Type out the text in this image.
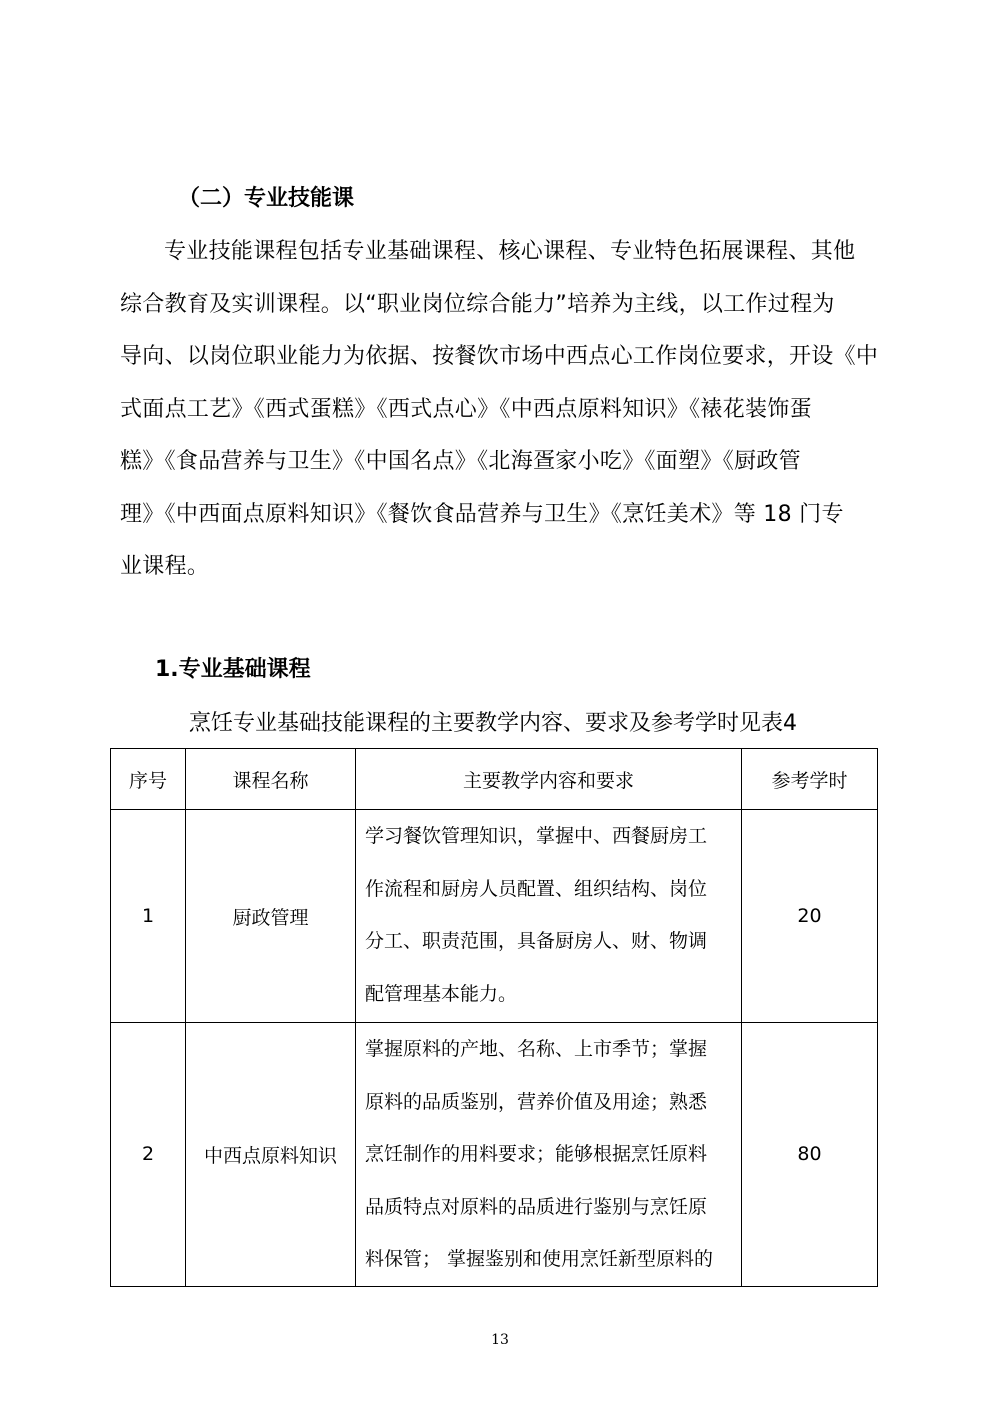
（二）专业技能课
专业技能课程包括专业基础课程、核心课程、专业特色拓展课程、其他
综合教育及实训课程。以“职业岗位综合能力”培养为主线，以工作过程为
导向、以岗位职业能力为依据、按餐饮市场中西点心工作岗位要求，开设《中
式面点工艺》《西式蛋糕》《西式点心》《中西点原料知识》《裱花装饰蛋
糕》《食品营养与卫生》《中国名点》《北海疍家小吃》《面塑》《厨政管
理》《中西面点原料知识》《餐饮食品营养与卫生》《烹饪美术》等 18 门专
业课程。
1.专业基础课程

烹饪专业基础技能课程的主要教学内容、要求及参考学时见表4

序号	课程名称	主要教学内容和要求	参考学时
1	厨政管理	学习餐饮管理知识，掌握中、西餐厨房工
作流程和厨房人员配置、组织结构、岗位
分工、职责范围，具备厨房人、财、物调
配管理基本能力。	20
2	中西点原料知识	掌握原料的产地、名称、上市季节；掌握
原料的品质鉴别，营养价值及用途；熟悉
烹饪制作的用料要求；能够根据烹饪原料
品质特点对原料的品质进行鉴别与烹饪原
料保管； 掌握鉴别和使用烹饪新型原料的	80

13
